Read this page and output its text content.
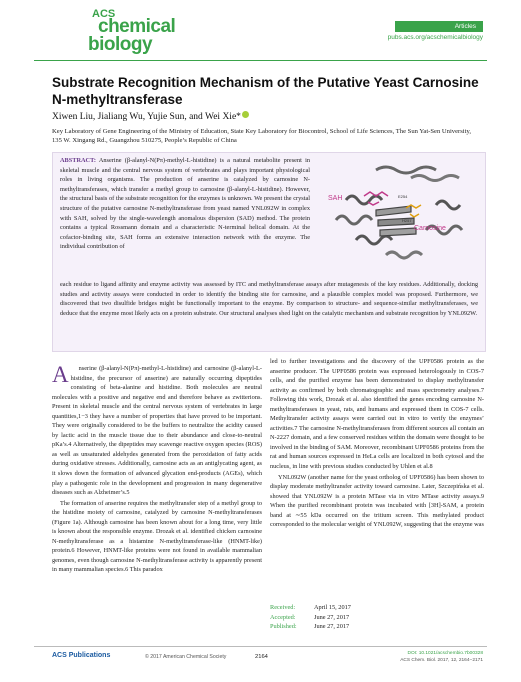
ACS
chemical
biology
Articles
pubs.acs.org/acschemicalbiology
Substrate Recognition Mechanism of the Putative Yeast Carnosine N-methyltransferase
Xiwen Liu, Jialiang Wu, Yujie Sun, and Wei Xie*
Key Laboratory of Gene Engineering of the Ministry of Education, State Key Laboratory for Biocontrol, School of Life Sciences, The Sun Yat-Sen University, 135 W. Xingang Rd., Guangzhou 510275, People’s Republic of China
ABSTRACT: Anserine (β-alanyl-N(Pπ)-methyl-L-histidine) is a natural metabolite present in skeletal muscle and the central nervous system of vertebrates and plays important physiological roles in living organisms. The production of anserine is catalyzed by carnosine N-methyltransferases, which transfer a methyl group to carnosine (β-alanyl-L-histidine). However, the structural basis of the substrate recognition for the enzymes is unknown. We present the crystal structure of the putative carnosine N-methyltransferase from yeast named YNL092W in complex with SAH, solved by the single-wavelength anomalous dispersion (SAD) method. The protein contains a typical Rossmann domain and a characteristic N-terminal helical domain. At the cofactor-binding site, SAH forms an extensive interaction network with the enzyme. The individual contribution of
each residue to ligand affinity and enzyme activity was assessed by ITC and methyltransferase assays after mutagenesis of the key residues. Additionally, docking studies and activity assays were conducted in order to identify the binding site for carnosine, and a plausible complex model was proposed. Furthermore, we discovered that two disulfide bridges might be functionally important to the enzyme. By comparison to structure- and sequence-similar methyltransferases, we deduce that the enzyme most likely acts on a protein substrate. Our structural analyses shed light on the catalytic mechanism and substrate recognition by YNL092W.
SAH
Carnosine
E254
H257

A nserine (β-alanyl-N(Pπ)-methyl-L-histidine) and carnosine (β-alanyl-L-histidine, the precursor of anserine) are naturally occurring dipeptides consisting of beta-alanine and histidine. Both molecules are neutral molecules with a positive and negative end and therefore behave as zwitterions. Present in skeletal muscle and the central nervous system of vertebrates in large quantities,1−3 they have a number of properties that have proved to be important. They were originally considered to be the buffers to neutralize the acidity caused by lactic acid in the muscle tissue due to their abundance and close-to-neutral pKa’s.4 Alternatively, the dipeptides may scavenge reactive oxygen species (ROS) as well as unsaturated aldehydes generated from the peroxidation of fatty acids during oxidative stresses. Additionally, carnosine acts as an antiglycating agent, as it slows down the formation of advanced glycation end-products (AGEs), which play a pathogenic role in the development and progression in many degenerative diseases such as Alzheimer’s.5

The formation of anserine requires the methyltransfer step of a methyl group to the histidine moiety of carnosine, catalyzed by carnosine N-methyltransferases (Figure 1a). Although carnosine has been known about for a long time, very little is known about the responsible enzyme. Drozak et al. identified chicken carnosine N-methyltransferase as a histamine N-methyltransferase-like (HNMT-like) protein.6 However, HNMT-like proteins were not found in available mammalian genomes, even though carnosine N-methyltransferase activity is apparently present in many mammalian species.6 This paradox

led to further investigations and the discovery of the UPF0586 protein as the anserine producer. The UPF0586 protein was expressed heterologously in COS-7 cells, and the purified enzyme has been demonstrated to display methyltransfer activity as confirmed by both chromatographic and mass spectrometry analyses.7 Following this work, Drozak et al. also identified the genes encoding carnosine N-methyltransferases in yeast, rats, and humans and expressed them in COS-7 cells. Methyltransfer activity assays were carried out in vitro to verify the enzymes’ activities.7 The carnosine N-methyltransferases from different sources all contain an N-2227 domain, and a few conserved residues within the domain were thought to be involved in the binding of SAM. Moreover, recombinant UPF0586 proteins from the rat and human sources expressed in HeLa cells are localized in both cytosol and the nucleus, in line with previous studies conducted by Uhlen et al.8

YNL092W (another name for the yeast ortholog of UPF0586) has been shown to display moderate methyltransfer activity toward carnosine. Later, Szczepińska et al. showed that YNL092W is a protein MTase via in vitro MTase activity assays.9 When the purified recombinant protein was incubated with [3H]-SAM, a protein band at ∼55 kDa occurred on the tritium screen. This methylated product corresponded to the molecular weight of YNL092W, suggesting that the enzyme was

Received:	April 15, 2017
Accepted:	June 27, 2017
Published:	June 27, 2017
ACS Publications	© 2017 American Chemical Society	2164
DOI: 10.1021/acschembio.7b00328
ACS Chem. Biol. 2017, 12, 2164−2171
